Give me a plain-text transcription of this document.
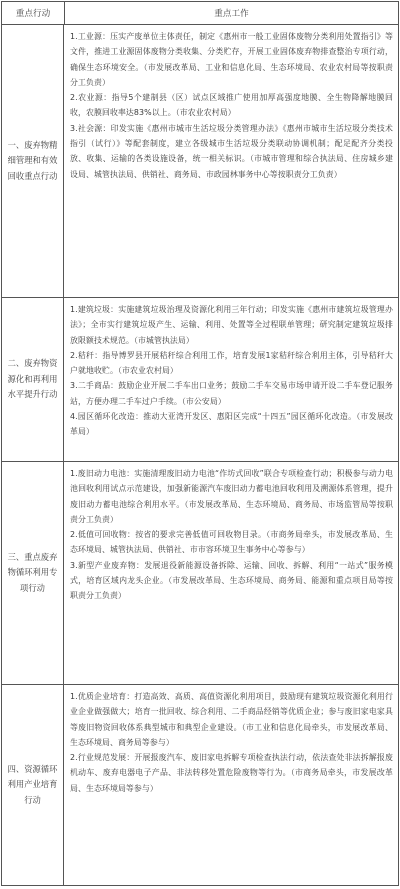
重点行动	重点工作
一、废弃物精细管理和有效回收重点行动

1.工业源：压实产废单位主体责任，制定《惠州市一般工业固体废物分类利用处置指引》等文件，推进工业源固体废物分类收集、分类贮存，开展工业固体废弃物排查整治专项行动，确保生态环境安全。（市发展改革局、工业和信息化局、生态环境局、农业农村局等按职责分工负责）

2.农业源：指导5个建制县（区）试点区域推广使用加厚高强度地膜、全生物降解地膜回收，农膜回收率达83%以上。（市农业农村局）

3.社会源：印发实施《惠州市城市生活垃圾分类管理办法》《惠州市城市生活垃圾分类技术指引（试行）》等配套制度，建立各级城市生活垃圾分类联动协调机制；配足配齐分类投放、收集、运输的各类设施设备，统一相关标识。（市城市管理和综合执法局、住房城乡建设局、城管执法局、供销社、商务局、市政园林事务中心等按职责分工负责）

二、废弃物资源化和再利用水平提升行动

1.建筑垃圾：实施建筑垃圾治理及资源化利用三年行动；印发实施《惠州市建筑垃圾管理办法》；全市实行建筑垃圾产生、运输、利用、处置等全过程联单管理；研究制定建筑垃圾排放限额技术规范。（市城管执法局）

2.秸秆：指导博罗县开展秸秆综合利用工作，培育发展1家秸秆综合利用主体，引导秸秆大户就地收贮。（市农业农村局）

3.二手商品：鼓励企业开展二手车出口业务；鼓励二手车交易市场申请开设二手车登记服务站，方便办理二手车过户手续。（市公安局）

4.园区循环化改造：推动大亚湾开发区、惠阳区完成“十四五”园区循环化改造。（市发展改革局）

三、重点废弃物循环利用专项行动

1.废旧动力电池：实施清理废旧动力电池“作坊式回收”联合专项检查行动；积极参与动力电池回收利用试点示范建设，加强新能源汽车废旧动力蓄电池回收利用及溯源体系管理，提升废旧动力蓄电池综合利用水平。（市发展改革局、生态环境局、商务局、市场监管局等按职责分工负责）

2.低值可回收物：按省的要求完善低值可回收物目录。（市商务局牵头，市发展改革局、生态环境局、城管执法局、供销社、市市容环境卫生事务中心等参与）

3.新型产业废弃物：发展退役新能源设备拆除、运输、回收、拆解、利用“一站式”服务模式，培育区域内龙头企业。（市发展改革局、生态环境局、商务局、能源和重点项目局等按职责分工负责）

四、资源循环利用产业培育行动

1.优质企业培育：打造高效、高质、高值资源化利用项目，鼓励现有建筑垃圾资源化利用行业企业做强做大；培育一批回收、综合利用、二手商品经销等优质企业；参与废旧家电家具等废旧物资回收体系典型城市和典型企业建设。（市工业和信息化局牵头，市发展改革局、生态环境局、商务局等参与）

2.行业规范发展：开展报废汽车、废旧家电拆解专项检查执法行动，依法查处非法拆解报废机动车、废弃电器电子产品、非法转移处置危险废物等行为。（市商务局牵头，市发展改革局、生态环境局等参与）
